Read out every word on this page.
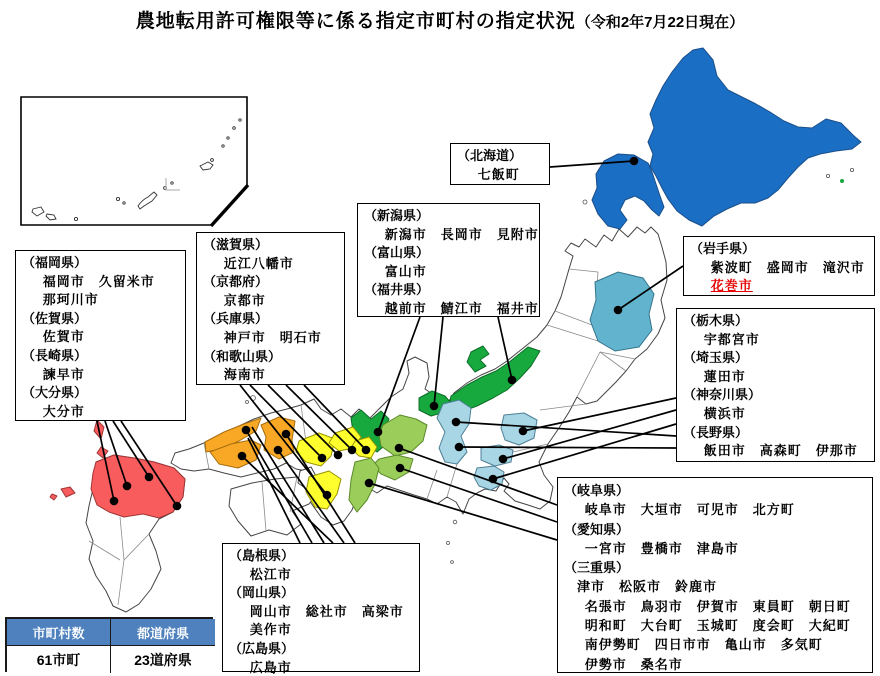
農地転用許可権限等に係る指定市町村の指定状況（令和2年7月22日現在）
（北海道）
七飯町
（岩手県）
紫波町　盛岡市　滝沢市
花巻市
（栃木県）
宇都宮市
（埼玉県）
蓮田市
（神奈川県）
横浜市
（長野県）
飯田市　高森町　伊那市
（新潟県）
新潟市　長岡市　見附市
（富山県）
富山市
（福井県）
越前市　鯖江市　福井市
（滋賀県）
近江八幡市
（京都府）
京都市
（兵庫県）
神戸市　明石市
（和歌山県）
海南市
（福岡県）
福岡市　久留米市
那珂川市
（佐賀県）
佐賀市
（長崎県）
諫早市
（大分県）
大分市
（島根県）
松江市
（岡山県）
岡山市　総社市　高梁市
美作市
（広島県）
広島市
（岐阜県）
岐阜市　大垣市　可児市　北方町
（愛知県）
一宮市　豊橋市　津島市
（三重県）
津市　松阪市　鈴鹿市
名張市　鳥羽市　伊賀市　東員町　朝日町
明和町　大台町　玉城町　度会町　大紀町
南伊勢町　四日市市　亀山市　多気町
伊勢市　桑名市
市町村数	都道府県
61市町	23道府県
